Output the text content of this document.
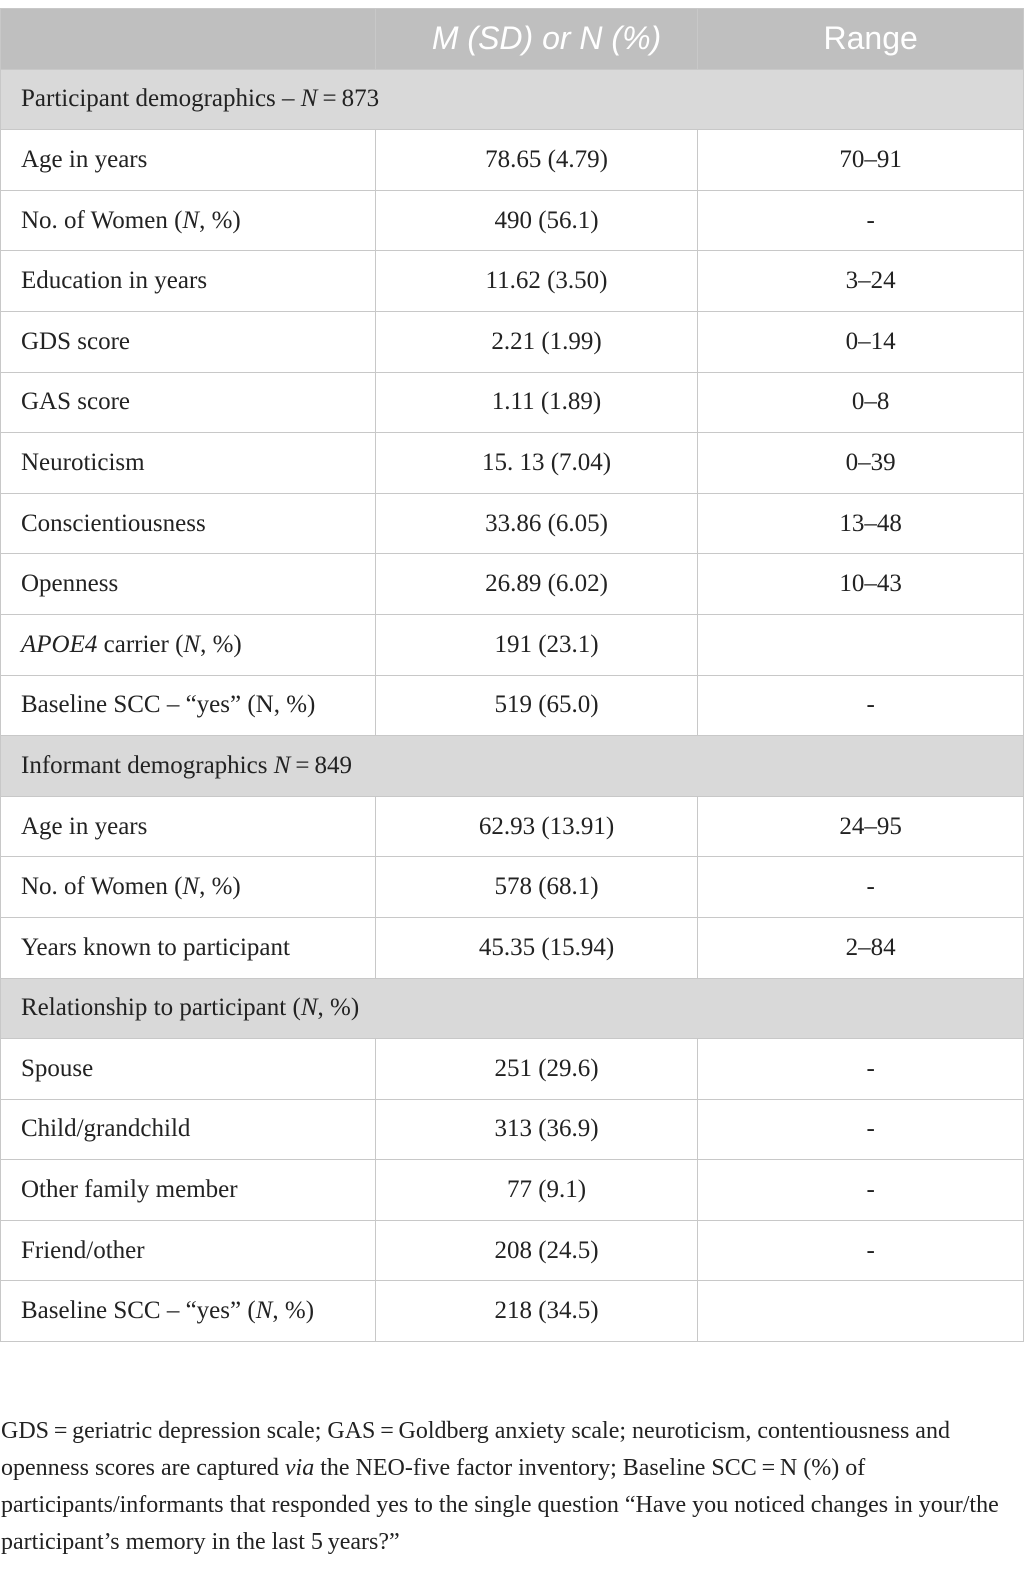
	M (SD) or N (%)	Range
Participant demographics – N = 873		
Age in years	78.65 (4.79)	70–91
No. of Women (N, %)	490 (56.1)	-
Education in years	11.62 (3.50)	3–24
GDS score	2.21 (1.99)	0–14
GAS score	1.11 (1.89)	0–8
Neuroticism	15. 13 (7.04)	0–39
Conscientiousness	33.86 (6.05)	13–48
Openness	26.89 (6.02)	10–43
APOE4 carrier (N, %)	191 (23.1)	
Baseline SCC – “yes” (N, %)	519 (65.0)	-
Informant demographics N = 849		
Age in years	62.93 (13.91)	24–95
No. of Women (N, %)	578 (68.1)	-
Years known to participant	45.35 (15.94)	2–84
Relationship to participant (N, %)		
Spouse	251 (29.6)	-
Child/grandchild	313 (36.9)	-
Other family member	77 (9.1)	-
Friend/other	208 (24.5)	-
Baseline SCC – “yes” (N, %)	218 (34.5)	

GDS = geriatric depression scale; GAS = Goldberg anxiety scale; neuroticism, contentiousness and openness scores are captured via the NEO-five factor inventory; Baseline SCC = N (%) of participants/informants that responded yes to the single question “Have you noticed changes in your/the participant’s memory in the last 5 years?”
